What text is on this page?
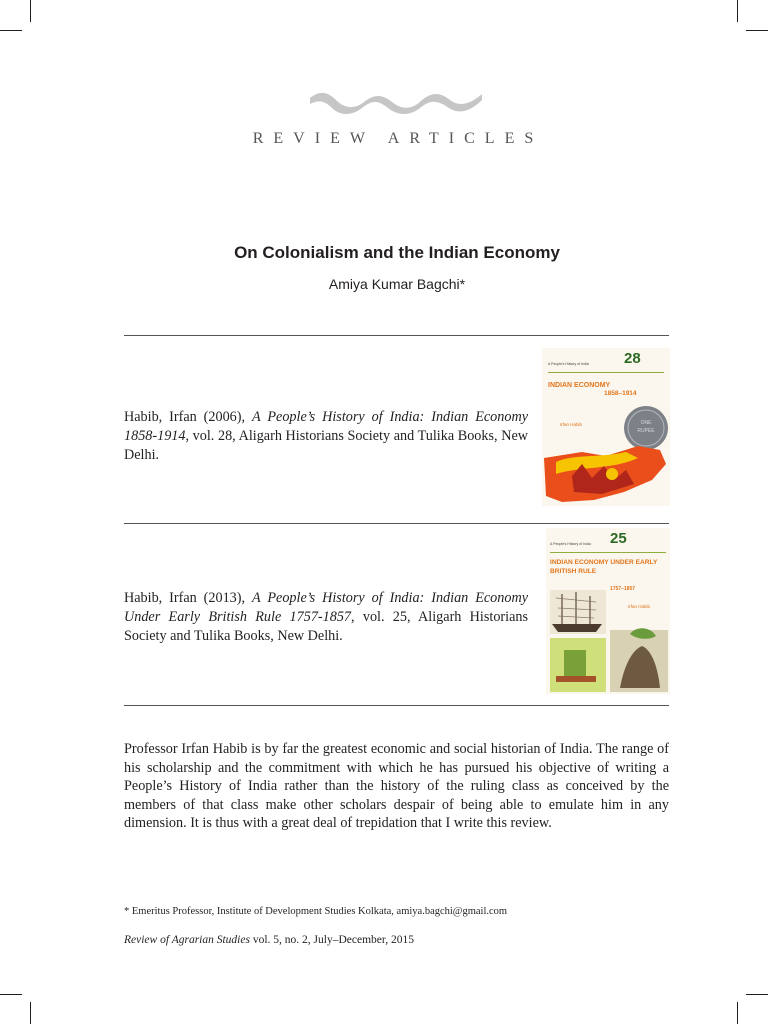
REVIEW ARTICLES
On Colonialism and the Indian Economy
Amiya Kumar Bagchi*
Habib, Irfan (2006), A People’s History of India: Indian Economy 1858-1914, vol. 28, Aligarh Historians Society and Tulika Books, New Delhi.
A People's History of India 28
INDIAN ECONOMY
1858–1914
Irfan Habib	ONE
RUPEE
Habib, Irfan (2013), A People’s History of India: Indian Economy Under Early British Rule 1757-1857, vol. 25, Aligarh Historians Society and Tulika Books, New Delhi.
A People's History of India 25
INDIAN ECONOMY UNDER EARLY BRITISH RULE
1757–1857
Irfan Habib
Professor Irfan Habib is by far the greatest economic and social historian of India. The range of his scholarship and the commitment with which he has pursued his objective of writing a People’s History of India rather than the history of the ruling class as conceived by the members of that class make other scholars despair of being able to emulate him in any dimension. It is thus with a great deal of trepidation that I write this review.
* Emeritus Professor, Institute of Development Studies Kolkata, amiya.bagchi@gmail.com
Review of Agrarian Studies vol. 5, no. 2, July–December, 2015
